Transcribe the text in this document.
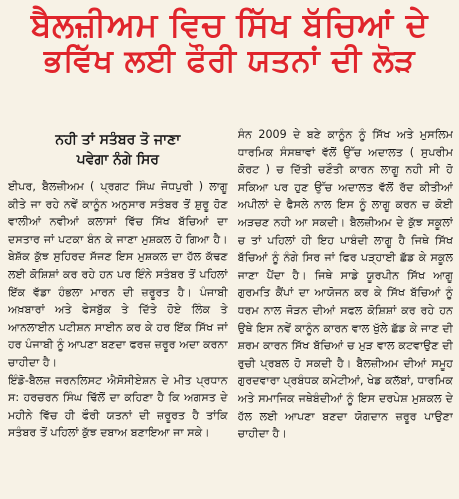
ਬੈਲਜ਼ੀਅਮ ਵਿਚ ਸਿੱਖ ਬੱਚਿਆਂ ਦੇ
ਭਵਿੱਖ ਲਈ ਫੌਰੀ ਯਤਨਾਂ ਦੀ ਲੋੜ
ਨਹੀ ਤਾਂ ਸਤੰਬਰ ਤੋ ਜਾਣਾ
ਪਵੇਗਾ ਨੰਗੇ ਸਿਰ

ਈਪਰ, ਬੈਲਜ਼ੀਅਮ ( ਪ੍ਰਗਟ ਸਿੰਘ ਜੋਧਪੁਰੀ ) ਲਾਗੂ ਕੀਤੇ ਜਾ ਰਹੇ ਨਵੇਂ ਕਾਨੂੰਨ ਅਨੁਸਾਰ ਸਤੰਬਰ ਤੋਂ ਸ਼ੁਰੂ ਹੋਣ ਵਾਲੀਆਂ ਨਵੀਆਂ ਕਲਾਸਾਂ ਵਿੱਚ ਸਿੱਖ ਬੱਚਿਆਂ ਦਾ ਦਸਤਾਰ ਜਾਂ ਪਟਕਾ ਬੰਨ ਕੇ ਜਾਣਾ ਮੁਸ਼ਕਲ ਹੋ ਗਿਆ ਹੈ। ਬੇਸ਼ੱਕ ਕੁੱਝ ਸੁਹਿਰਦ ਸੱਜਣ ਇਸ ਮੁਸ਼ਕਲ ਦਾ ਹੱਲ ਕੱਢਣ ਲਈ ਕੋਸ਼ਿਸ਼ਾਂ ਕਰ ਰਹੇ ਹਨ ਪਰ ਇੰਨੇ ਸਤੰਬਰ ਤੋਂ ਪਹਿਲਾਂ ਇੱਕ ਵੱਡਾ ਹੰਭਲਾ ਮਾਰਨ ਦੀ ਜ਼ਰੂਰਤ ਹੈ। ਪੰਜਾਬੀ ਅਖ਼ਬਾਰਾਂ ਅਤੇ ਫੇਸਬੁੱਕ ਤੇ ਦਿੱਤੇ ਹੋਏ ਲਿੰਕ ਤੇ ਆਨਲਾਈਨ ਪਟੀਸ਼ਨ ਸਾਈਨ ਕਰ ਕੇ ਹਰ ਇੱਕ ਸਿੱਖ ਜਾਂ ਹਰ ਪੰਜਾਬੀ ਨੂੰ ਆਪਣਾ ਬਣਦਾ ਫਰਜ਼ ਜ਼ਰੂਰ ਅਦਾ ਕਰਨਾ ਚਾਹੀਦਾ ਹੈ।

ਇੰਡੋ-ਬੈਲਜ਼ ਜਰਨਲਿਸਟ ਐਸੋਸੀਏਸ਼ਨ ਦੇ ਮੀਤ ਪ੍ਰਧਾਨ ਸ: ਹਰਚਰਨ ਸਿੰਘ ਢਿੱਲੋਂ ਦਾ ਕਹਿਣਾ ਹੈ ਕਿ ਅਗਸਤ ਦੇ ਮਹੀਨੇ ਵਿੱਚ ਹੀ ਫੌਰੀ ਯਤਨਾਂ ਦੀ ਜ਼ਰੂਰਤ ਹੈ ਤਾਂਕਿ ਸਤੰਬਰ ਤੋਂ ਪਹਿਲਾਂ ਕੁੱਝ ਦਬਾਅ ਬਣਾਇਆ ਜਾ ਸਕੇ।

ਸੰਨ 2009 ਦੇ ਬਣੇ ਕਾਨੂੰਨ ਨੂੰ ਸਿੱਖ ਅਤੇ ਮੁਸਲਿਮ ਧਾਰਮਿਕ ਸੰਸਥਾਵਾਂ ਵੱਲੋਂ ਉੱਚ ਅਦਾਲਤ ( ਸੁਪਰੀਮ ਕੋਰਟ ) ਚ ਦਿੱਤੀ ਚਣੌਤੀ ਕਾਰਨ ਲਾਗੂ ਨਹੀ ਸੀ ਹੋ ਸਕਿਆ ਪਰ ਹੁਣ ਉੱਚ ਅਦਾਲਤ ਵੱਲੋਂ ਰੱਦ ਕੀਤੀਆਂ ਅਪੀਲਾਂ ਦੇ ਫੈਸਲੇ ਨਾਲ ਇਸ ਨੂੰ ਲਾਗੂ ਕਰਨ ਚ ਕੋਈ ਅੜਚਣ ਨਹੀ ਆ ਸਕਦੀ। ਬੈਲਜ਼ੀਅਮ ਦੇ ਕੁੱਝ ਸਕੂਲਾਂ ਚ ਤਾਂ ਪਹਿਲਾਂ ਹੀ ਇਹ ਪਾਬੰਦੀ ਲਾਗੂ ਹੈ ਜਿਥੇ ਸਿੱਖ ਬੱਚਿਆਂ ਨੂੰ ਨੰਗੇ ਸਿਰ ਜਾਂ ਫਿਰ ਪੜ੍ਹਾਈ ਛੱਡ ਕੇ ਸਕੂਲ ਜਾਣਾ ਪੈਂਦਾ ਹੈ। ਜਿਥੇ ਸਾਡੇ ਯੂਰਪੀਨ ਸਿੱਖ ਆਗੂ ਗੁਰਮਤਿ ਕੈਂਪਾਂ ਦਾ ਆਯੋਜਨ ਕਰ ਕੇ ਸਿੱਖ ਬੱਚਿਆਂ ਨੂੰ ਧਰਮ ਨਾਲ ਜੋੜਨ ਦੀਆਂ ਸਫਲ ਕੋਸ਼ਿਸ਼ਾਂ ਕਰ ਰਹੇ ਹਨ ਉਥੇ ਇਸ ਨਵੇਂ ਕਾਨੂੰਨ ਕਾਰਨ ਵਾਲ ਖੁੱਲੇ ਛੱਡ ਕੇ ਜਾਣ ਦੀ ਸ਼ਰਮ ਕਾਰਨ ਸਿੱਖ ਬੱਚਿਆਂ ਚ ਮੁੜ ਵਾਲ ਕਟਵਾਉਣ ਦੀ ਰੁਚੀ ਪ੍ਰਬਲ ਹੋ ਸਕਦੀ ਹੈ। ਬੈਲਜ਼ੀਅਮ ਦੀਆਂ ਸਮੂਹ ਗੁਰਦਵਾਰਾ ਪ੍ਰਬੰਧਕ ਕਮੇਟੀਆਂ, ਖੇਡ ਕਲੱਬਾਂ, ਧਾਰਮਿਕ ਅਤੇ ਸਮਾਜਿਕ ਜਥੇਬੰਦੀਆਂ ਨੂੰ ਇਸ ਦਰਪੇਸ਼ ਮੁਸ਼ਕਲ ਦੇ ਹੱਲ ਲਈ ਆਪਣਾ ਬਣਦਾ ਯੋਗਦਾਨ ਜ਼ਰੂਰ ਪਾਉਣਾ ਚਾਹੀਦਾ ਹੈ।
